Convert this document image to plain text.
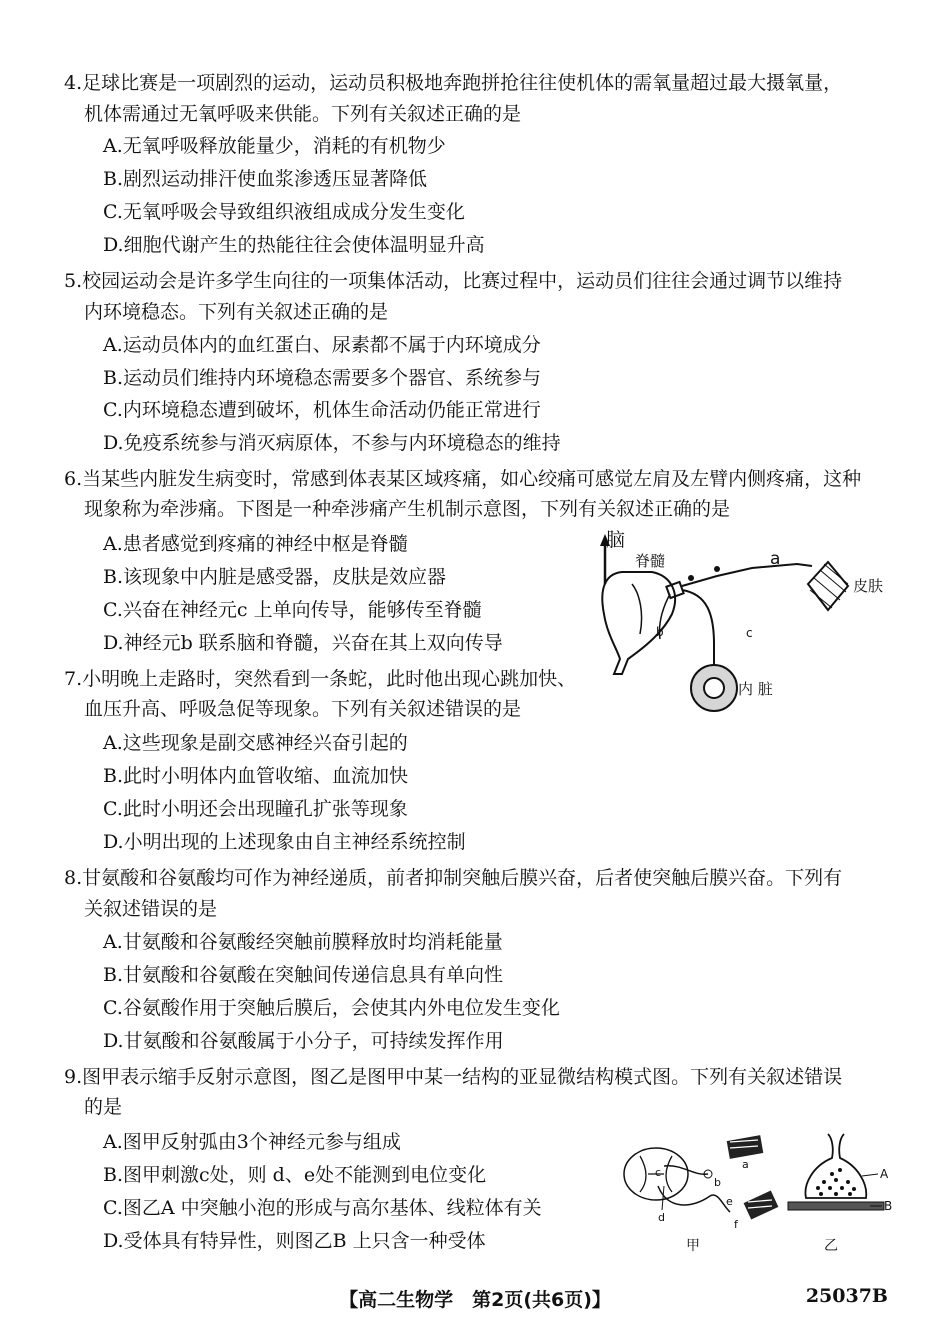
4.足球比赛是一项剧烈的运动，运动员积极地奔跑拼抢往往使机体的需氧量超过最大摄氧量，
机体需通过无氧呼吸来供能。下列有关叙述正确的是
A.无氧呼吸释放能量少，消耗的有机物少
B.剧烈运动排汗使血浆渗透压显著降低
C.无氧呼吸会导致组织液组成成分发生变化
D.细胞代谢产生的热能往往会使体温明显升高
5.校园运动会是许多学生向往的一项集体活动，比赛过程中，运动员们往往会通过调节以维持
内环境稳态。下列有关叙述正确的是
A.运动员体内的血红蛋白、尿素都不属于内环境成分
B.运动员们维持内环境稳态需要多个器官、系统参与
C.内环境稳态遭到破坏，机体生命活动仍能正常进行
D.免疫系统参与消灭病原体，不参与内环境稳态的维持
6.当某些内脏发生病变时，常感到体表某区域疼痛，如心绞痛可感觉左肩及左臂内侧疼痛，这种
现象称为牵涉痛。下图是一种牵涉痛产生机制示意图，下列有关叙述正确的是
A.患者感觉到疼痛的神经中枢是脊髓
B.该现象中内脏是感受器，皮肤是效应器
C.兴奋在神经元c 上单向传导，能够传至脊髓
D.神经元b 联系脑和脊髓，兴奋在其上双向传导
7.小明晚上走路时，突然看到一条蛇，此时他出现心跳加快、
血压升高、呼吸急促等现象。下列有关叙述错误的是
A.这些现象是副交感神经兴奋引起的
B.此时小明体内血管收缩、血流加快
C.此时小明还会出现瞳孔扩张等现象
D.小明出现的上述现象由自主神经系统控制
8.甘氨酸和谷氨酸均可作为神经递质，前者抑制突触后膜兴奋，后者使突触后膜兴奋。下列有
关叙述错误的是
A.甘氨酸和谷氨酸经突触前膜释放时均消耗能量
B.甘氨酸和谷氨酸在突触间传递信息具有单向性
C.谷氨酸作用于突触后膜后，会使其内外电位发生变化
D.甘氨酸和谷氨酸属于小分子，可持续发挥作用
9.图甲表示缩手反射示意图，图乙是图甲中某一结构的亚显微结构模式图。下列有关叙述错误
的是
A.图甲反射弧由3个神经元参与组成
B.图甲刺激c处，则 d、e处不能测到电位变化
C.图乙A 中突触小泡的形成与高尔基体、线粒体有关
D.受体具有特异性，则图乙B 上只含一种受体
脑
脊髓
b
a
皮肤
c
内 脏
c
b
a
e
f
d
甲
A
B
乙
【高二生物学　第2页(共6页)】	25037B
